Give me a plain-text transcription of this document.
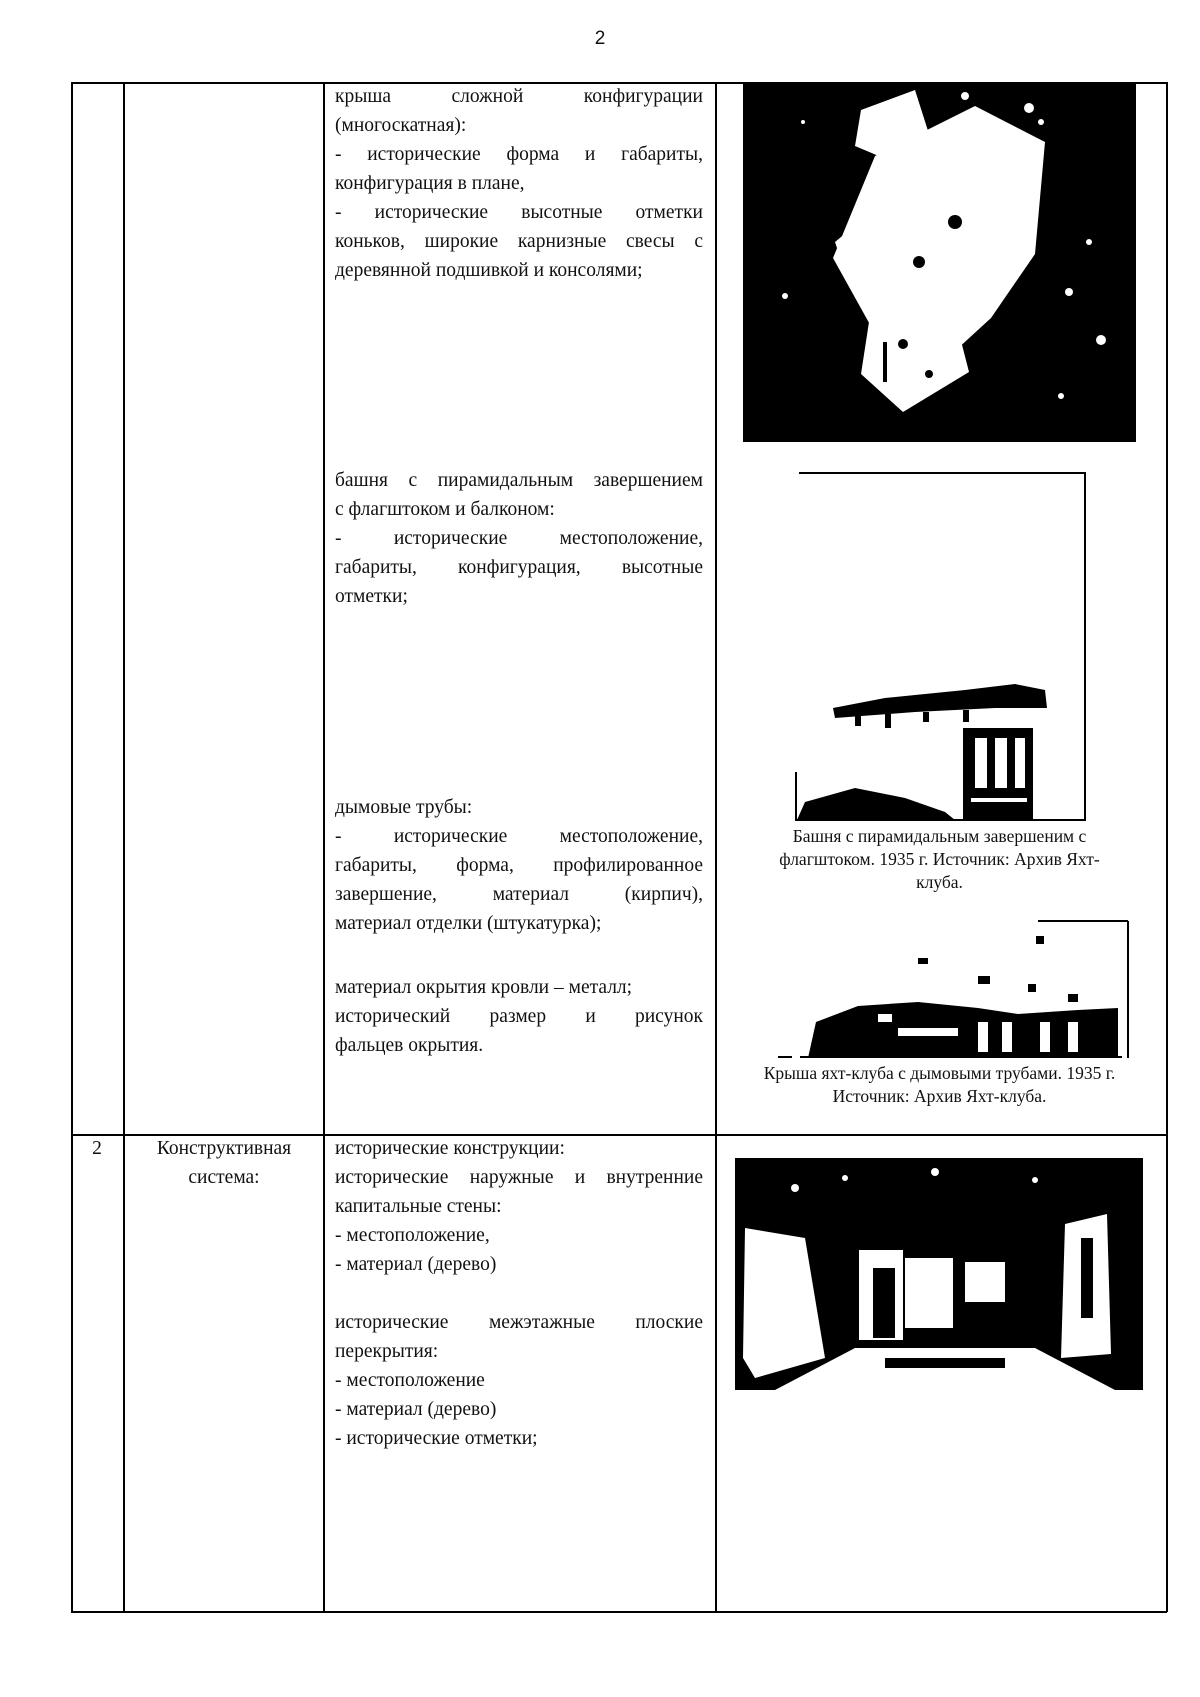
2
крыша сложной конфигурации
(многоскатная):
- исторические форма и габариты,
конфигурация в плане,
- исторические высотные отметки
коньков, широкие карнизные свесы с
деревянной подшивкой и консолями;
башня с пирамидальным завершением
с флагштоком и балконом:
- исторические местоположение,
габариты, конфигурация, высотные
отметки;
дымовые трубы:
- исторические местоположение,
габариты, форма, профилированное
завершение, материал (кирпич),
материал отделки (штукатурка);
материал окрытия кровли – металл;
исторический размер и рисунок
фальцев окрытия.
Башня с пирамидальным завершеним с
флагштоком. 1935 г. Источник: Архив Яхт-
клуба.
Крыша яхт-клуба с дымовыми трубами. 1935 г.
Источник: Архив Яхт-клуба.
2	Конструктивная
система:
исторические конструкции:
исторические наружные и внутренние
капитальные стены:
- местоположение,
- материал (дерево)
исторические межэтажные плоские
перекрытия:
- местоположение
- материал (дерево)
- исторические отметки;
